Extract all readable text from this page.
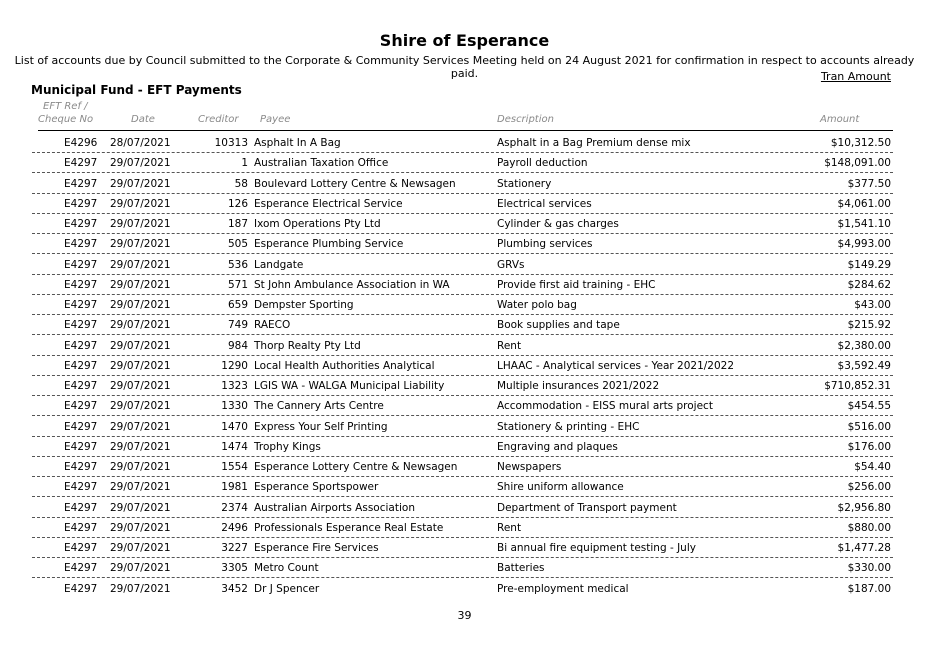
Shire of Esperance
List of accounts due by Council submitted to the Corporate & Community Services Meeting held on 24 August 2021 for confirmation in respect to accounts already paid.	Tran Amount
Municipal Fund - EFT Payments
EFT Ref /
Cheque No	Date	Creditor Payee	Description	Amount
E4296 28/07/2021	10313 Asphalt In A Bag	Asphalt in a Bag Premium dense mix	$10,312.50
E4297 29/07/2021	1 Australian Taxation Office	Payroll deduction	$148,091.00
E4297 29/07/2021	58 Boulevard Lottery Centre & Newsagen	Stationery	$377.50
E4297 29/07/2021	126 Esperance Electrical Service	Electrical services	$4,061.00
E4297 29/07/2021	187 Ixom Operations Pty Ltd	Cylinder & gas charges	$1,541.10
E4297 29/07/2021	505 Esperance Plumbing Service	Plumbing services	$4,993.00
E4297 29/07/2021	536 Landgate	GRVs	$149.29
E4297 29/07/2021	571 St John Ambulance Association in WA	Provide first aid training - EHC	$284.62
E4297 29/07/2021	659 Dempster Sporting	Water polo bag	$43.00
E4297 29/07/2021	749 RAECO	Book supplies and tape	$215.92
E4297 29/07/2021	984 Thorp Realty Pty Ltd	Rent	$2,380.00
E4297 29/07/2021	1290 Local Health Authorities Analytical	LHAAC - Analytical services - Year 2021/2022	$3,592.49
E4297 29/07/2021	1323 LGIS WA - WALGA Municipal Liability	Multiple insurances 2021/2022	$710,852.31
E4297 29/07/2021	1330 The Cannery Arts Centre	Accommodation - EISS mural arts project	$454.55
E4297 29/07/2021	1470 Express Your Self Printing	Stationery & printing - EHC	$516.00
E4297 29/07/2021	1474 Trophy Kings	Engraving and plaques	$176.00
E4297 29/07/2021	1554 Esperance Lottery Centre & Newsagen	Newspapers	$54.40
E4297 29/07/2021	1981 Esperance Sportspower	Shire uniform allowance	$256.00
E4297 29/07/2021	2374 Australian Airports Association	Department of Transport payment	$2,956.80
E4297 29/07/2021	2496 Professionals Esperance Real Estate	Rent	$880.00
E4297 29/07/2021	3227 Esperance Fire Services	Bi annual fire equipment testing - July	$1,477.28
E4297 29/07/2021	3305 Metro Count	Batteries	$330.00
E4297 29/07/2021	3452 Dr J Spencer	Pre-employment medical	$187.00
39
